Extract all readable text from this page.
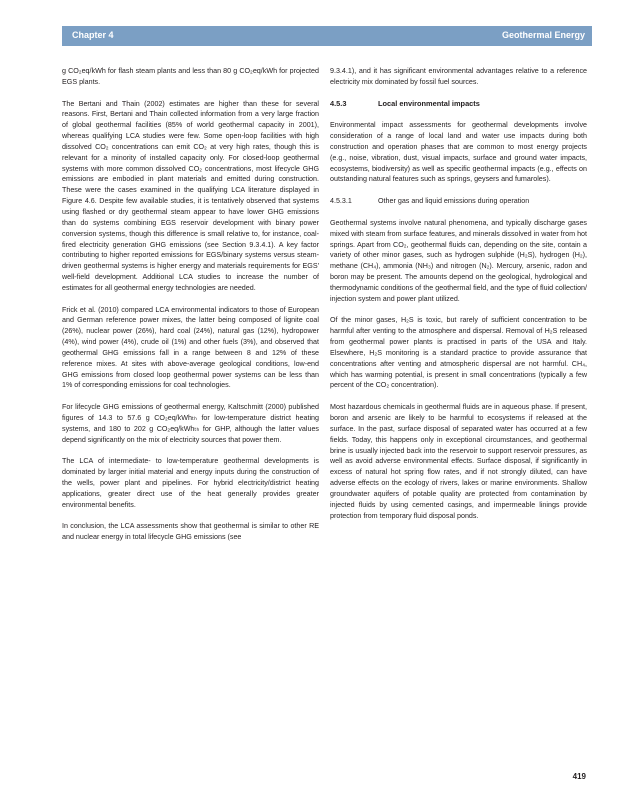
Chapter 4	Geothermal Energy

g CO₂eq/kWh for flash steam plants and less than 80 g CO₂eq/kWh for projected EGS plants.

The Bertani and Thain (2002) estimates are higher than these for several reasons. First, Bertani and Thain collected information from a very large fraction of global geothermal facilities (85% of world geothermal capacity in 2001), whereas qualifying LCA studies were few. Some open-loop facilities with high dissolved CO₂ concentrations can emit CO₂ at very high rates, though this is relevant for a minority of installed capacity only. For closed-loop geothermal systems with more common dissolved CO₂ concentrations, most lifecycle GHG emissions are embodied in plant materials and emitted during construction. These were the cases examined in the qualifying LCA literature displayed in Figure 4.6. Despite few available studies, it is tentatively observed that systems using flashed or dry geothermal steam appear to have lower GHG emissions than do systems combining EGS reservoir development with binary power conversion systems, though this difference is small relative to, for instance, coal-fired electricity generation GHG emissions (see Section 9.3.4.1). A key factor contributing to higher reported emissions for EGS/binary systems versus steam-driven geothermal systems is higher energy and materials requirements for EGS' well-field development. Additional LCA studies to increase the number of estimates for all geothermal energy technologies are needed.

Frick et al. (2010) compared LCA environmental indicators to those of European and German reference power mixes, the latter being composed of lignite coal (26%), nuclear power (26%), hard coal (24%), natural gas (12%), hydropower (4%), wind power (4%), crude oil (1%) and other fuels (3%), and observed that geothermal GHG emissions fall in a range between 8 and 12% of these reference mixes. At sites with above-average geological conditions, low-end GHG emissions from closed loop geothermal power systems can be less than 1% of corresponding emissions for coal technologies.

For lifecycle GHG emissions of geothermal energy, Kaltschmitt (2000) published figures of 14.3 to 57.6 g CO₂eq/kWhₜₕ for low-temperature district heating systems, and 180 to 202 g CO₂eq/kWhₜₕ for GHP, although the latter values depend significantly on the mix of electricity sources that power them.

The LCA of intermediate- to low-temperature geothermal developments is dominated by larger initial material and energy inputs during the construction of the wells, power plant and pipelines. For hybrid electricity/district heating applications, greater direct use of the heat generally provides greater environmental benefits.

In conclusion, the LCA assessments show that geothermal is similar to other RE and nuclear energy in total lifecycle GHG emissions (see

9.3.4.1), and it has significant environmental advantages relative to a reference electricity mix dominated by fossil fuel sources.

4.5.3	Local environmental impacts

Environmental impact assessments for geothermal developments involve consideration of a range of local land and water use impacts during both construction and operation phases that are common to most energy projects (e.g., noise, vibration, dust, visual impacts, surface and ground water impacts, ecosystems, biodiversity) as well as specific geothermal impacts (e.g., effects on outstanding natural features such as springs, geysers and fumaroles).

4.5.3.1	Other gas and liquid emissions during operation

Geothermal systems involve natural phenomena, and typically discharge gases mixed with steam from surface features, and minerals dissolved in water from hot springs. Apart from CO₂, geothermal fluids can, depending on the site, contain a variety of other minor gases, such as hydrogen sulphide (H₂S), hydrogen (H₂), methane (CH₄), ammonia (NH₃) and nitrogen (N₂). Mercury, arsenic, radon and boron may be present. The amounts depend on the geological, hydrological and thermodynamic conditions of the geothermal field, and the type of fluid collection/ injection system and power plant utilized.

Of the minor gases, H₂S is toxic, but rarely of sufficient concentration to be harmful after venting to the atmosphere and dispersal. Removal of H₂S released from geothermal power plants is practised in parts of the USA and Italy. Elsewhere, H₂S monitoring is a standard practice to provide assurance that concentrations after venting and atmospheric dispersal are not harmful. CH₄, which has warming potential, is present in small concentrations (typically a few percent of the CO₂ concentration).

Most hazardous chemicals in geothermal fluids are in aqueous phase. If present, boron and arsenic are likely to be harmful to ecosystems if released at the surface. In the past, surface disposal of separated water has occurred at a few fields. Today, this happens only in exceptional circumstances, and geothermal brine is usually injected back into the reservoir to support reservoir pressures, as well as avoid adverse environmental effects. Surface disposal, if significantly in excess of natural hot spring flow rates, and if not strongly diluted, can have adverse effects on the ecology of rivers, lakes or marine environments. Shallow groundwater aquifers of potable quality are protected from contamination by injected fluids by using cemented casings, and impermeable linings provide protection from temporary fluid disposal ponds.

419
